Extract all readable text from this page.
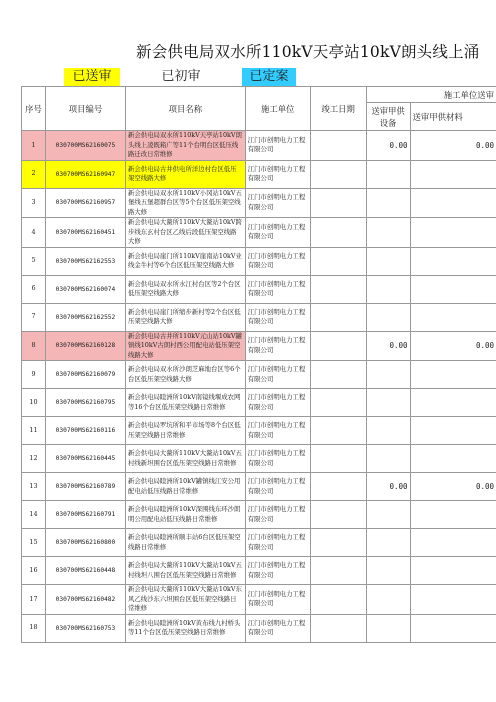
新会供电局双水所110kV天亭站10kV朗头线上涌
已送审	已初审	已定案
序号	项目编号	项目名称	施工单位	竣工日期	施工单位送审	
					送审甲供设备	送审甲供材料
1	030700MS62160075	新会供电局双水所110kV天亭站10kV朗头线上凌既箱广等11个台明台区低压线路迁改日常维修	江门市创明电力工程有限公司		0.00	0.00
2	030700MS62160947	新会供电局古井供电所洋边村台区低压架空线路大修	江门市创明电力工程有限公司			
3	030700MS62160957	新会供电局双水所110kV小冈站10kV五堡线五堡超群台区等5个台区低压架空线路大修	江门市创明电力工程有限公司			
4	030700MS62160451	新会供电局大鳌所110kV大鳌站10kV跨步线东玄村台区乙线后段低压架空线路大修	江门市创明电力工程有限公司			
5	030700MS62162553	新会供电局崖门所110kV崖南站10kV业线金牛村等6个台区低压架空线路大修	江门市创明电力工程有限公司			
6	030700MS62160074	新会供电局双水所水江村台区等2个台区低压架空线路大修	江门市创明电力工程有限公司			
7	030700MS62162552	新会供电局崖门所缩步新村等2个台区低压架空线路大修	江门市创明电力工程有限公司			
8	030700MS62160128	新会供电局古井所110kV元山站10kV罐镇线10kV古朗村西公用配电站低压架空线路大修	江门市创明电力工程有限公司		0.00	0.00
9	030700MS62160079	新会供电局双水所沙朗芝麻地台区等6个台区低压架空线路大修	江门市创明电力工程有限公司			
10	030700MS62160795	新会供电局睦洲所10kV南镜线堰成农网等16个台区低压架空线路日常维修	江门市创明电力工程有限公司			
11	030700MS62160116	新会供电局罗坑所和平市场等8个台区低压架空线路日常维修	江门市创明电力工程有限公司			
12	030700MS62160445	新会供电局大鳌所110kV大鳌站10kV五村线新坦围台区低压架空线路日常维修	江门市创明电力工程有限公司			
13	030700MS62160789	新会供电局睦洲所10kV罐镇线江安公用配电站低压线路日常维修	江门市创明电力工程有限公司		0.00	0.00
14	030700MS62160791	新会供电局睦洲所10kV深围线东环沙朗明公用配电站低压线路日常维修	江门市创明电力工程有限公司			
15	030700MS62160800	新会供电局睦洲所顺丰站6台区低压架空线路日常维修	江门市创明电力工程有限公司			
16	030700MS62160448	新会供电局大鳌所110kV大鳌站10kV五村线坦八围台区低压架空线路日常维修	江门市创明电力工程有限公司			
17	030700MS62160482	新会供电局大鳌所110kV大鳌站10kV东风乙线沙东六坦围台区低压架空线路日常维修	江门市创明电力工程有限公司			
18	030700MS62160753	新会供电局睦洲所10kV黄布线九村桥头等11个台区低压架空线路日常维修	江门市创明电力工程有限公司			
